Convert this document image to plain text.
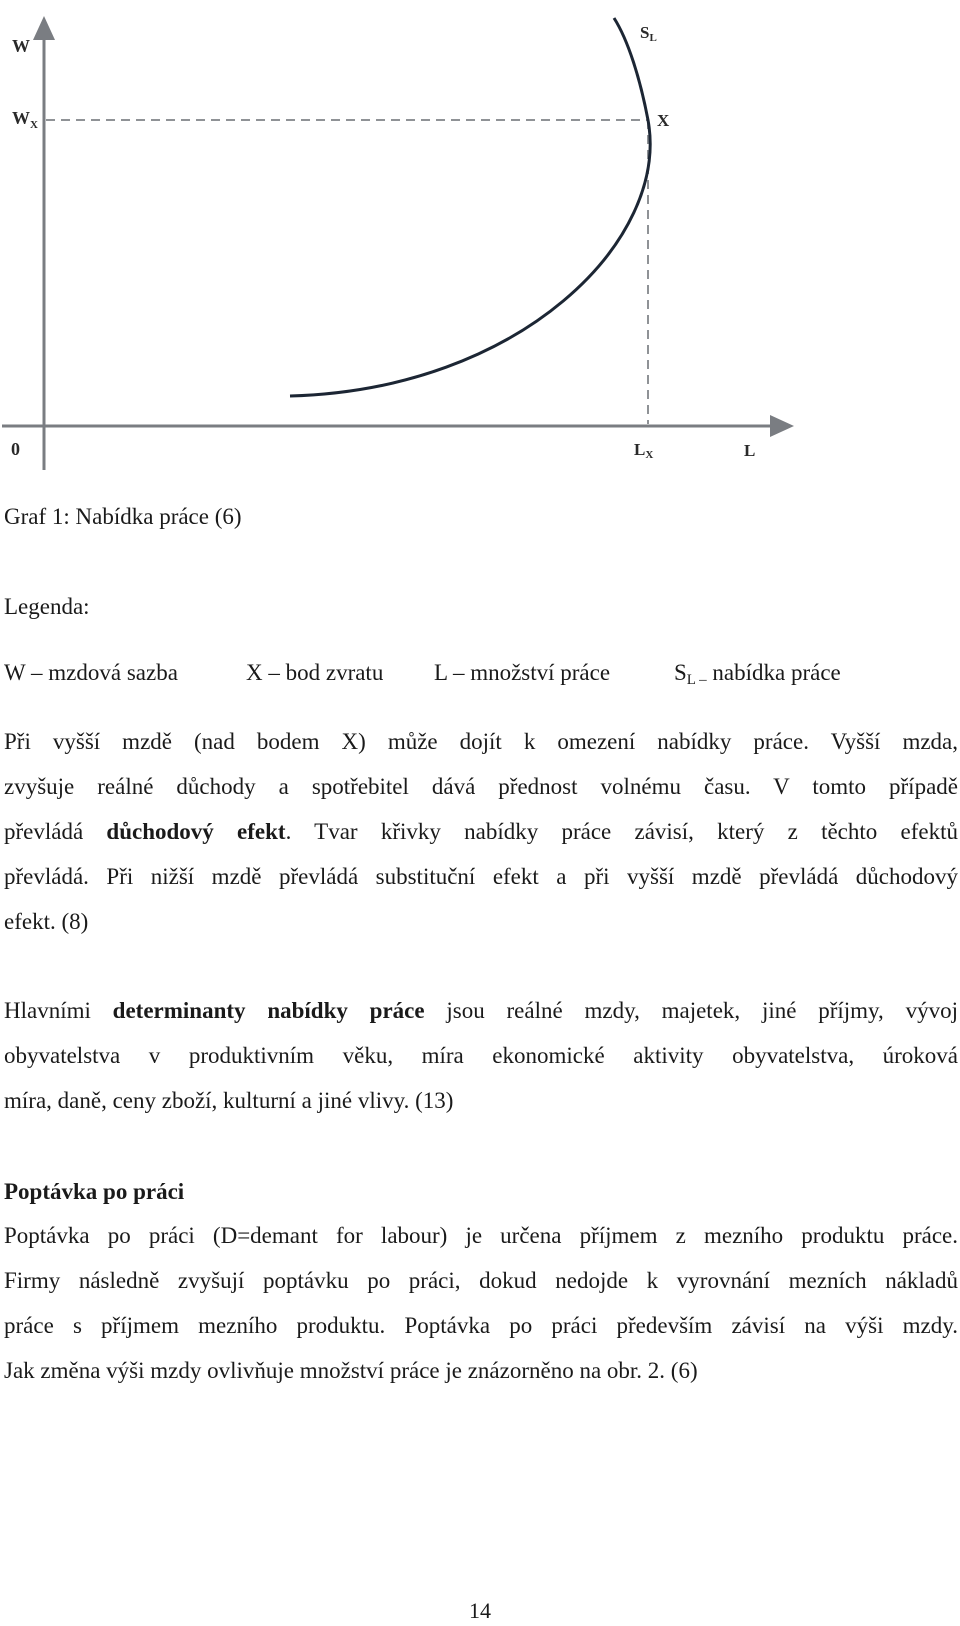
W
$W_X$
0
X
SL
LX	L
Graf 1: Nabídka práce (6)
Legenda:
W – mzdová sazba	X – bod zvratu L – množství práce	$S_{L -}$ nabídka práce
Při vyšší mzdě (nad bodem X) může dojít k omezení nabídky práce. Vyšší mzda,
zvyšuje reálné důchody a spotřebitel dává přednost volnému času. V tomto případě
převládá důchodový efekt. Tvar křivky nabídky práce závisí, který z těchto efektů
převládá. Při nižší mzdě převládá substituční efekt a při vyšší mzdě převládá důchodový
efekt. (8)
Hlavními determinanty nabídky práce jsou reálné mzdy, majetek, jiné příjmy, vývoj
obyvatelstva v produktivním věku, míra ekonomické aktivity obyvatelstva, úroková
míra, daně, ceny zboží, kulturní a jiné vlivy. (13)
Poptávka po práci
Poptávka po práci (D=demant for labour) je určena příjmem z mezního produktu práce.
Firmy následně zvyšují poptávku po práci, dokud nedojde k vyrovnání mezních nákladů
práce s příjmem mezního produktu. Poptávka po práci především závisí na výši mzdy.
Jak změna výši mzdy ovlivňuje množství práce je znázorněno na obr. 2. (6)
14
